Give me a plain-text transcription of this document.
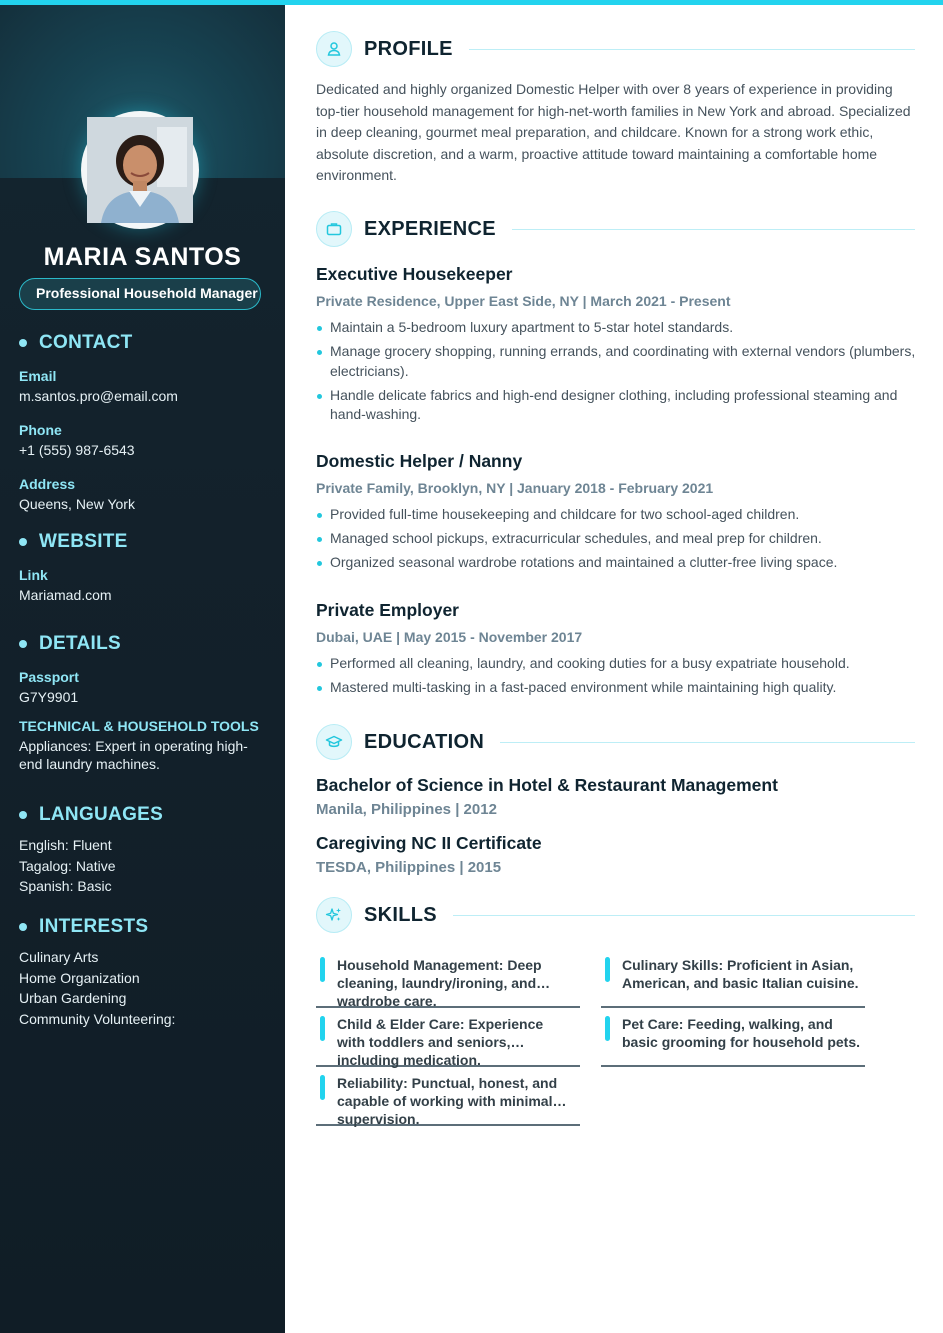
MARIA SANTOS
Professional Household Manager
CONTACT
Email
m.santos.pro@email.com
Phone
+1 (555) 987-6543
Address
Queens, New York
WEBSITE
Link
Mariamad.com
DETAILS
Passport
G7Y9901
TECHNICAL & HOUSEHOLD TOOLS
Appliances: Expert in operating high-end laundry machines.
LANGUAGES
English: Fluent
Tagalog: Native
Spanish: Basic
INTERESTS
Culinary Arts
Home Organization
Urban Gardening
Community Volunteering:
PROFILE

Dedicated and highly organized Domestic Helper with over 8 years of experience in providing top-tier household management for high-net-worth families in New York and abroad. Specialized in deep cleaning, gourmet meal preparation, and childcare. Known for a strong work ethic, absolute discretion, and a warm, proactive attitude toward maintaining a comfortable home environment.

EXPERIENCE
Executive Housekeeper
Private Residence, Upper East Side, NY | March 2021 - Present
Maintain a 5-bedroom luxury apartment to 5-star hotel standards.
Manage grocery shopping, running errands, and coordinating with external vendors (plumbers, electricians).
Handle delicate fabrics and high-end designer clothing, including professional steaming and hand-washing.
Domestic Helper / Nanny
Private Family, Brooklyn, NY | January 2018 - February 2021
Provided full-time housekeeping and childcare for two school-aged children.
Managed school pickups, extracurricular schedules, and meal prep for children.
Organized seasonal wardrobe rotations and maintained a clutter-free living space.
Private Employer
Dubai, UAE | May 2015 - November 2017
Performed all cleaning, laundry, and cooking duties for a busy expatriate household.
Mastered multi-tasking in a fast-paced environment while maintaining high quality.
EDUCATION
Bachelor of Science in Hotel & Restaurant Management
Manila, Philippines | 2012
Caregiving NC II Certificate
TESDA, Philippines | 2015
SKILLS
Household Management: Deep cleaning, laundry/ironing, and wardrobe care.
Culinary Skills: Proficient in Asian, American, and basic Italian cuisine.
Child & Elder Care: Experience with toddlers and seniors, including medication.
Pet Care: Feeding, walking, and basic grooming for household pets.
Reliability: Punctual, honest, and capable of working with minimal supervision.
